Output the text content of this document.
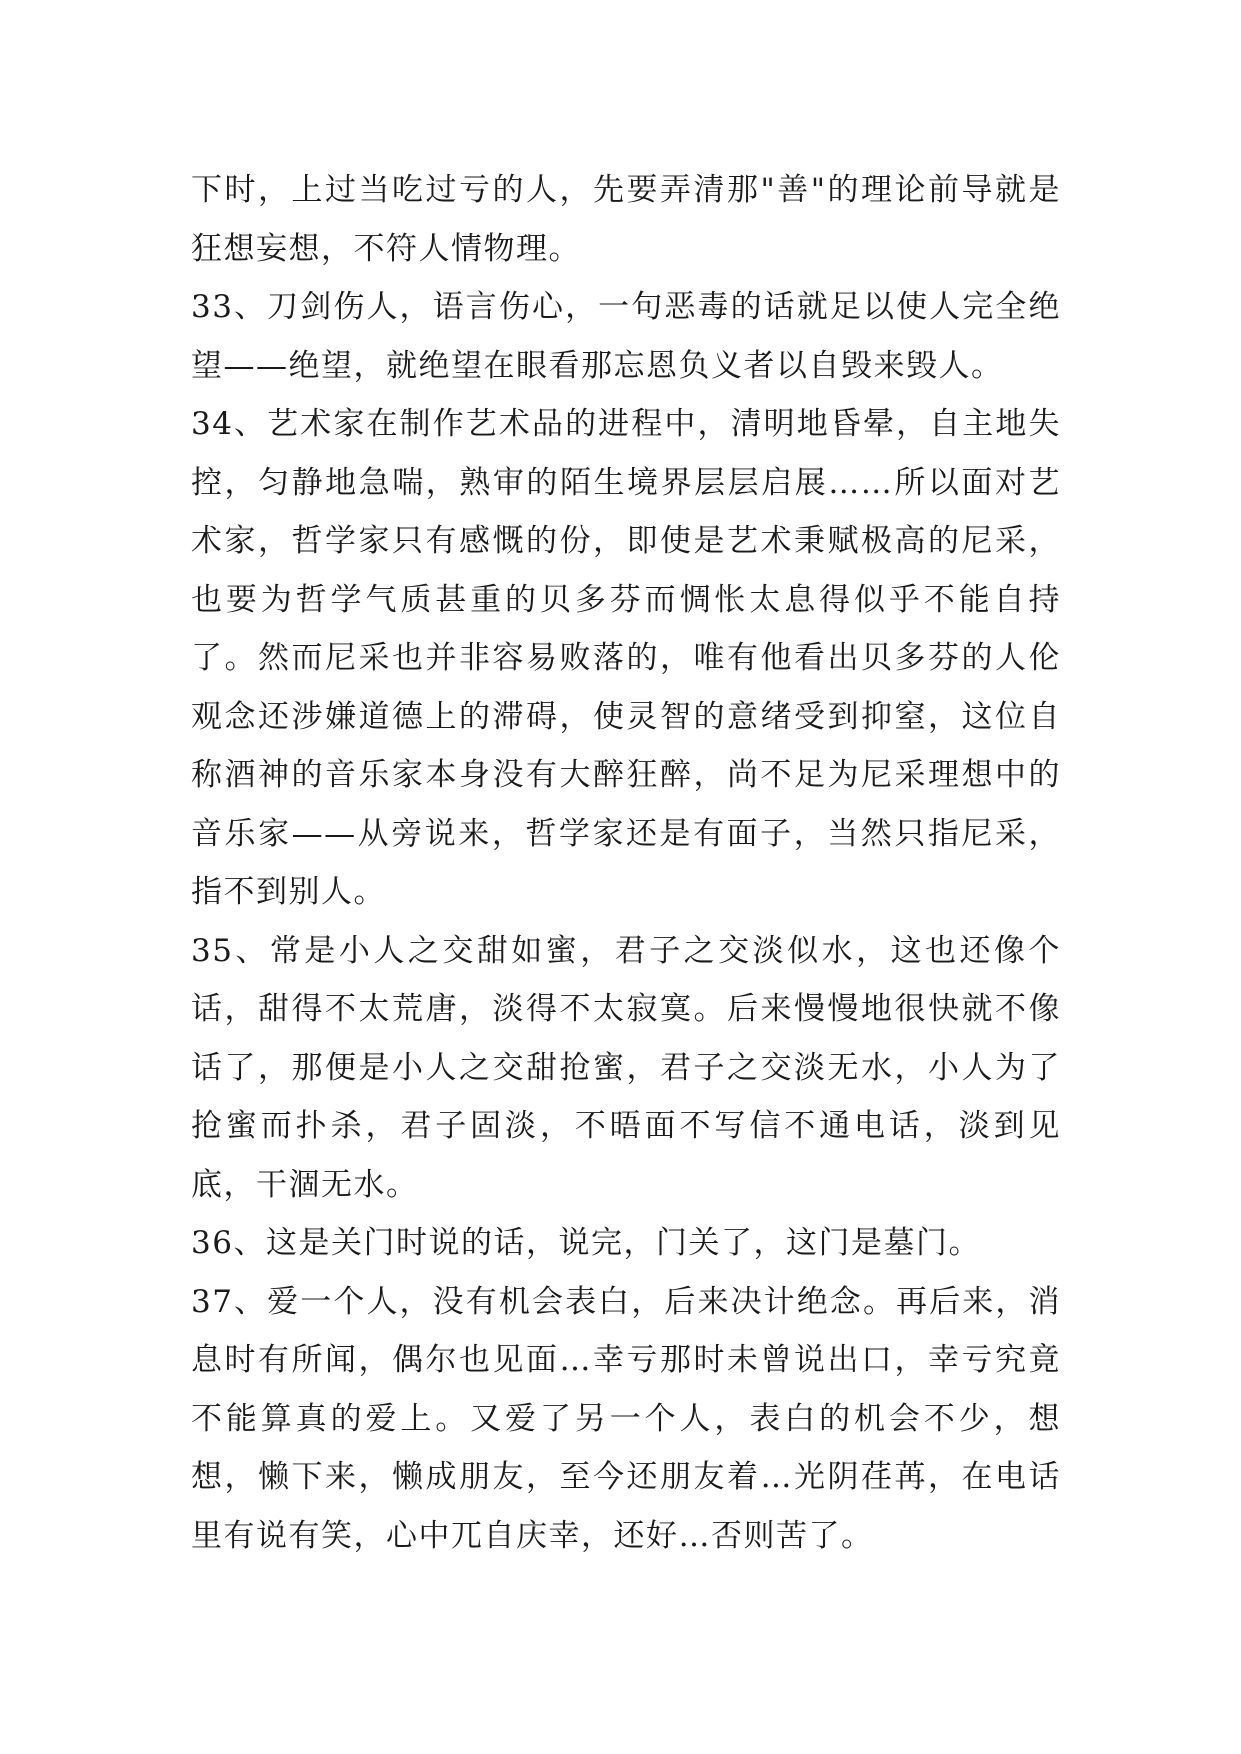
下时，上过当吃过亏的人，先要弄清那"善"的理论前导就是狂想妄想，不符人情物理。

33、刀剑伤人，语言伤心，一句恶毒的话就足以使人完全绝望——绝望，就绝望在眼看那忘恩负义者以自毁来毁人。

34、艺术家在制作艺术品的进程中，清明地昏晕，自主地失控，匀静地急喘，熟审的陌生境界层层启展……所以面对艺术家，哲学家只有感慨的份，即使是艺术秉赋极高的尼采，也要为哲学气质甚重的贝多芬而惆怅太息得似乎不能自持了。然而尼采也并非容易败落的，唯有他看出贝多芬的人伦观念还涉嫌道德上的滞碍，使灵智的意绪受到抑窒，这位自称酒神的音乐家本身没有大醉狂醉，尚不足为尼采理想中的音乐家——从旁说来，哲学家还是有面子，当然只指尼采，指不到别人。

35、常是小人之交甜如蜜，君子之交淡似水，这也还像个话，甜得不太荒唐，淡得不太寂寞。后来慢慢地很快就不像话了，那便是小人之交甜抢蜜，君子之交淡无水，小人为了抢蜜而扑杀，君子固淡，不晤面不写信不通电话，淡到见底，干涸无水。

36、这是关门时说的话，说完，门关了，这门是墓门。

37、爱一个人，没有机会表白，后来决计绝念。再后来，消息时有所闻，偶尔也见面…幸亏那时未曾说出口，幸亏究竟不能算真的爱上。又爱了另一个人，表白的机会不少，想想，懒下来，懒成朋友，至今还朋友着…光阴荏苒，在电话里有说有笑，心中兀自庆幸，还好…否则苦了。
